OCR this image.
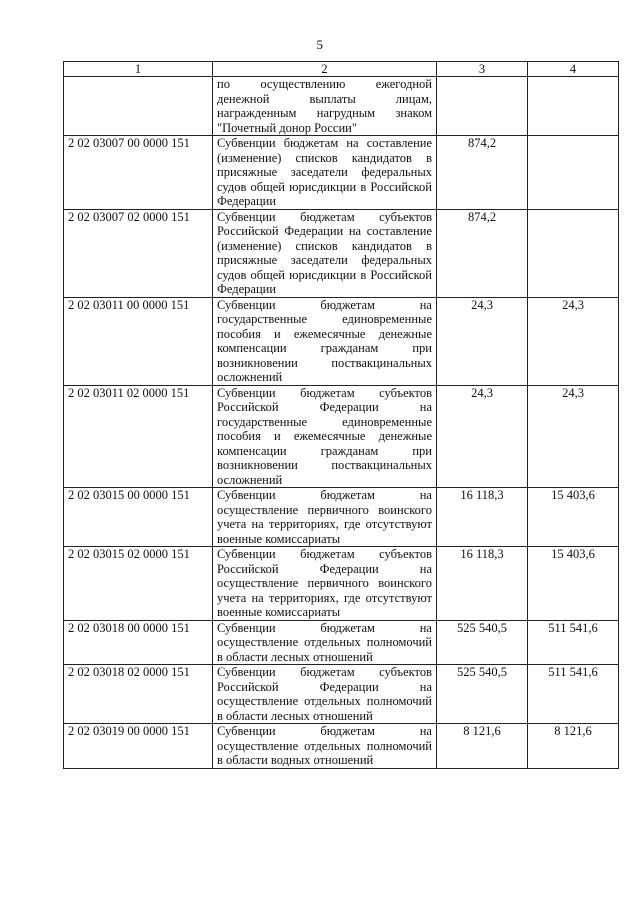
5
1	2	3	4
	по осуществлению ежегодной денежной выплаты лицам, награжденным нагрудным знаком "Почетный донор России"		
2 02 03007 00 0000 151	Субвенции бюджетам на составление (изменение) списков кандидатов в присяжные заседатели федеральных судов общей юрисдикции в Российской Федерации	874,2	
2 02 03007 02 0000 151	Субвенции бюджетам субъектов Российской Федерации на составление (изменение) списков кандидатов в присяжные заседатели федеральных судов общей юрисдикции в Российской Федерации	874,2	
2 02 03011 00 0000 151	Субвенции бюджетам на государственные единовременные пособия и ежемесячные денежные компенсации гражданам при возникновении поствакцинальных осложнений	24,3	24,3
2 02 03011 02 0000 151	Субвенции бюджетам субъектов Российской Федерации на государственные единовременные пособия и ежемесячные денежные компенсации гражданам при возникновении поствакцинальных осложнений	24,3	24,3
2 02 03015 00 0000 151	Субвенции бюджетам на осуществление первичного воинского учета на территориях, где отсутствуют военные комиссариаты	16 118,3	15 403,6
2 02 03015 02 0000 151	Субвенции бюджетам субъектов Российской Федерации на осуществление первичного воинского учета на территориях, где отсутствуют военные комиссариаты	16 118,3	15 403,6
2 02 03018 00 0000 151	Субвенции бюджетам на осуществление отдельных полномочий в области лесных отношений	525 540,5	511 541,6
2 02 03018 02 0000 151	Субвенции бюджетам субъектов Российской Федерации на осуществление отдельных полномочий в области лесных отношений	525 540,5	511 541,6
2 02 03019 00 0000 151	Субвенции бюджетам на осуществление отдельных полномочий в области водных отношений	8 121,6	8 121,6
